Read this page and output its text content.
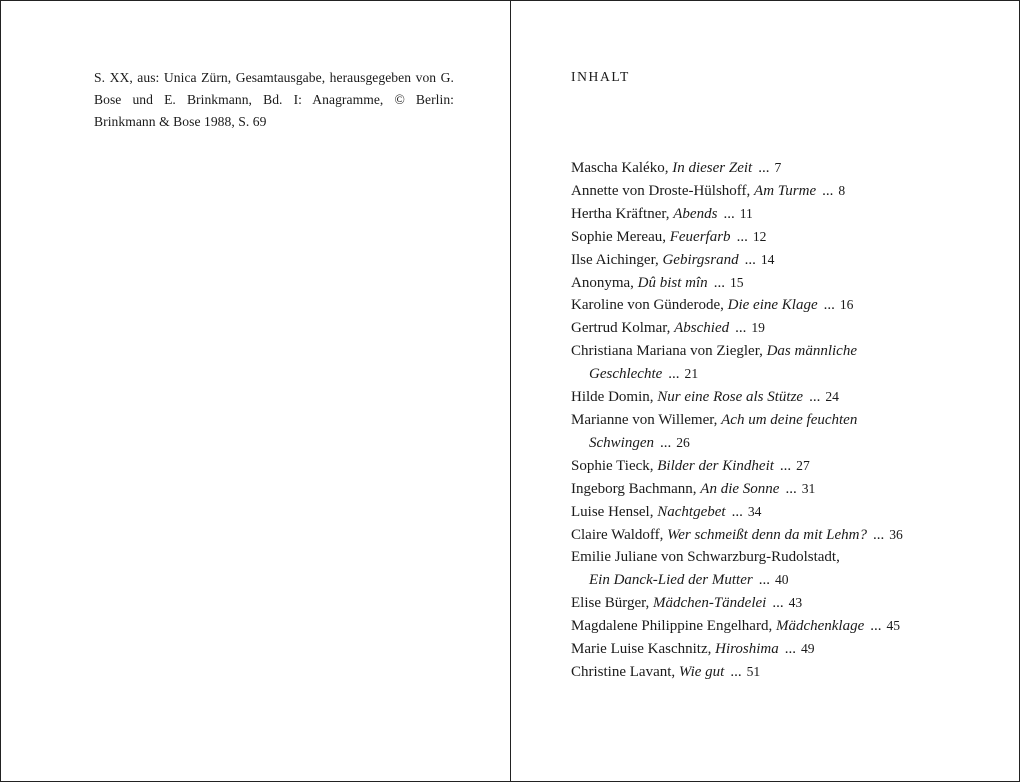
S. XX, aus: Unica Zürn, Gesamtausgabe, herausgegeben von G. Bose und E. Brinkmann, Bd. I: Anagramme, © Berlin: Brinkmann & Bose 1988, S. 69

INHALT
Mascha Kaléko, In dieser Zeit ... 7
Annette von Droste-Hülshoff, Am Turme ... 8
Hertha Kräftner, Abends ... 11
Sophie Mereau, Feuerfarb ... 12
Ilse Aichinger, Gebirgsrand ... 14
Anonyma, Dû bist mîn ... 15
Karoline von Günderode, Die eine Klage ... 16
Gertrud Kolmar, Abschied ... 19
Christiana Mariana von Ziegler, Das männliche
Geschlechte ... 21
Hilde Domin, Nur eine Rose als Stütze ... 24
Marianne von Willemer, Ach um deine feuchten
Schwingen ... 26
Sophie Tieck, Bilder der Kindheit ... 27
Ingeborg Bachmann, An die Sonne ... 31
Luise Hensel, Nachtgebet ... 34
Claire Waldoff, Wer schmeißt denn da mit Lehm? ... 36
Emilie Juliane von Schwarzburg-Rudolstadt,
Ein Danck-Lied der Mutter ... 40
Elise Bürger, Mädchen-Tändelei ... 43
Magdalene Philippine Engelhard, Mädchenklage ... 45
Marie Luise Kaschnitz, Hiroshima ... 49
Christine Lavant, Wie gut ... 51
